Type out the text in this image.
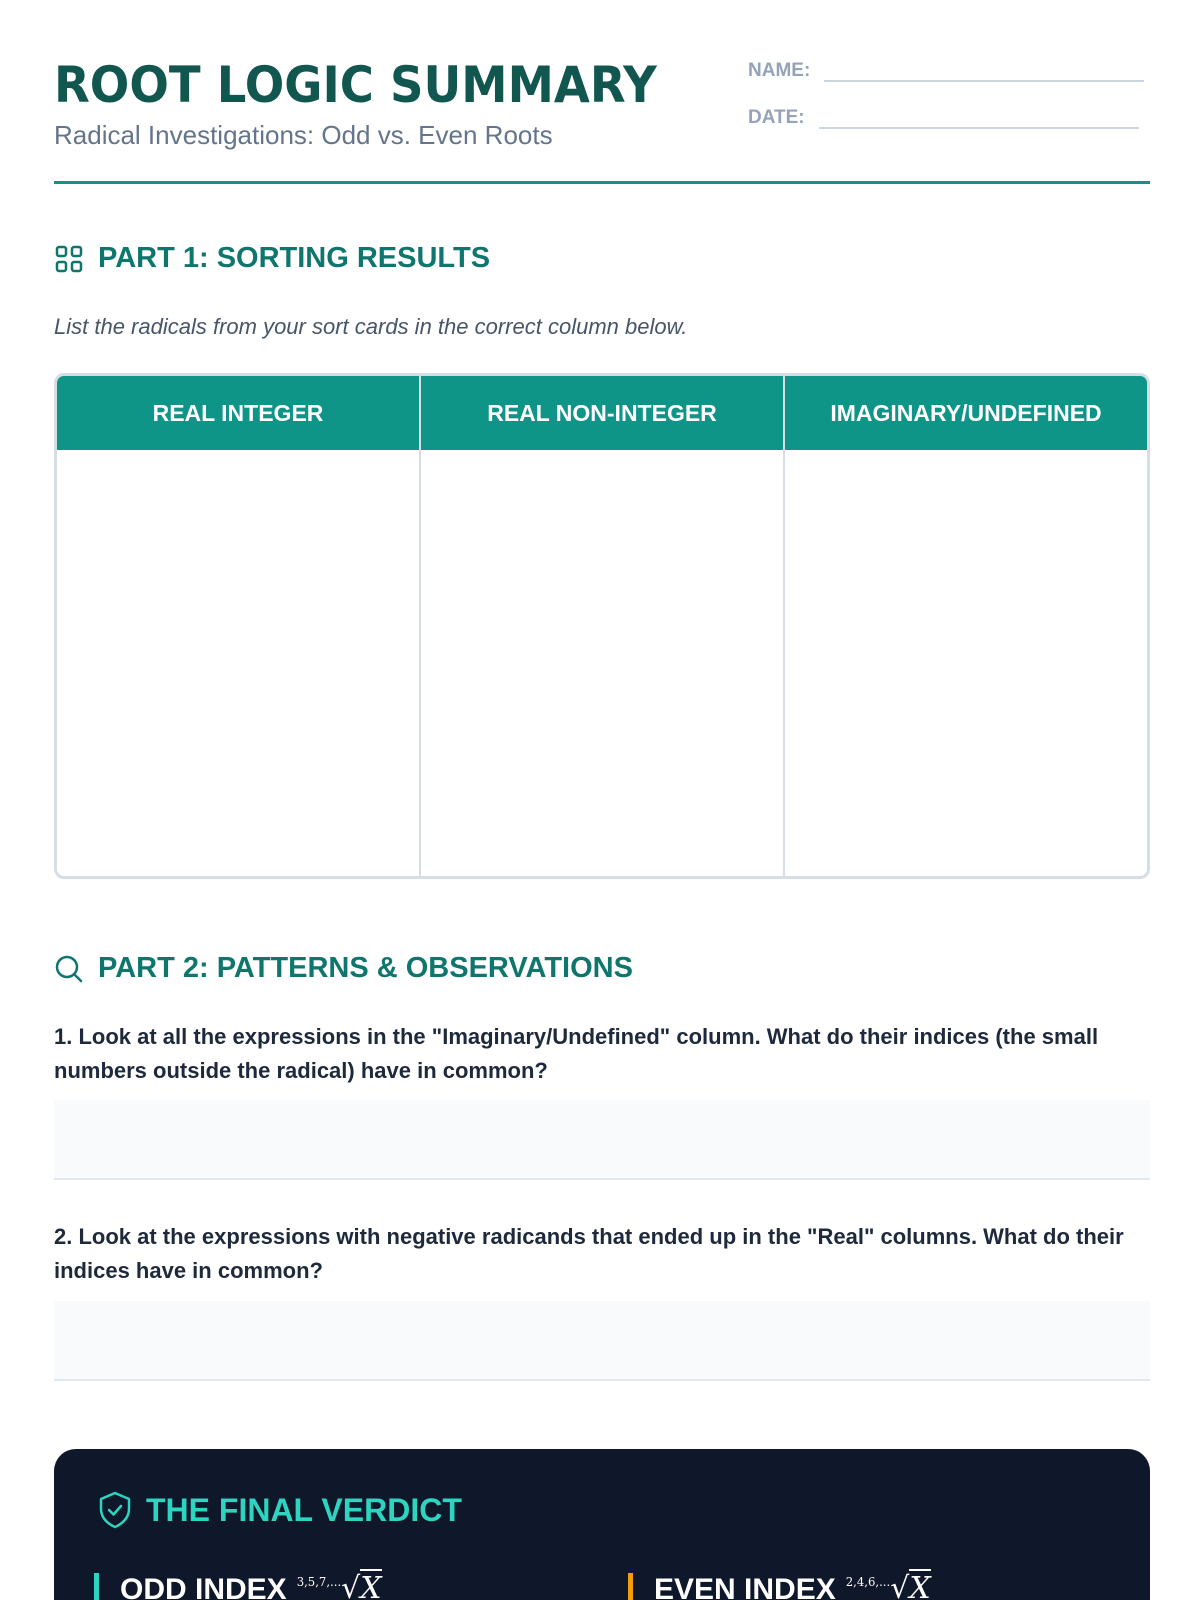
ROOT LOGIC SUMMARY
Radical Investigations: Odd vs. Even Roots
NAME:
DATE:
PART 1: SORTING RESULTS
List the radicals from your sort cards in the correct column below.
REAL INTEGER	REAL NON-INTEGER	IMAGINARY/UNDEFINED
PART 2: PATTERNS & OBSERVATIONS
1. Look at all the expressions in the "Imaginary/Undefined" column. What do their indices (the small numbers outside the radical) have in common?
2. Look at the expressions with negative radicands that ended up in the "Real" columns. What do their indices have in common?
THE FINAL VERDICT
ODD INDEX 3,5,7,... √X	EVEN INDEX 2,4,6,... √X
